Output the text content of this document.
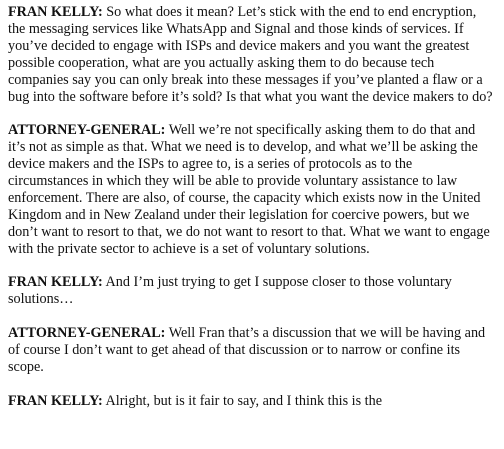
FRAN KELLY: So what does it mean? Let’s stick with the end to end encryption, the messaging services like WhatsApp and Signal and those kinds of services. If you’ve decided to engage with ISPs and device makers and you want the greatest possible cooperation, what are you actually asking them to do because tech companies say you can only break into these messages if you’ve planted a flaw or a bug into the software before it’s sold? Is that what you want the device makers to do?

ATTORNEY-GENERAL: Well we’re not specifically asking them to do that and it’s not as simple as that. What we need is to develop, and what we’ll be asking the device makers and the ISPs to agree to, is a series of protocols as to the circumstances in which they will be able to provide voluntary assistance to law enforcement. There are also, of course, the capacity which exists now in the United Kingdom and in New Zealand under their legislation for coercive powers, but we don’t want to resort to that, we do not want to resort to that. What we want to engage with the private sector to achieve is a set of voluntary solutions.

FRAN KELLY: And I’m just trying to get I suppose closer to those voluntary solutions…

ATTORNEY-GENERAL: Well Fran that’s a discussion that we will be having and of course I don’t want to get ahead of that discussion or to narrow or confine its scope.

FRAN KELLY: Alright, but is it fair to say, and I think this is the
